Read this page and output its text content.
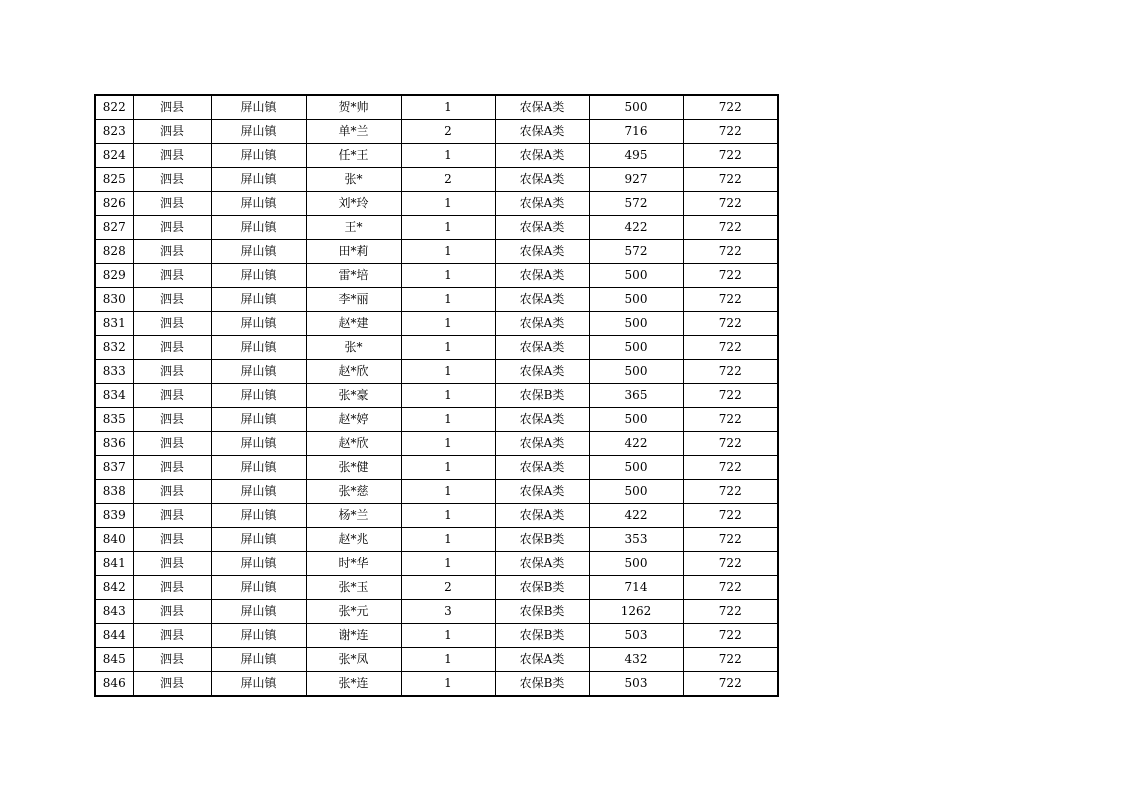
822	泗县	屏山镇	贺*帅	1	农保A类	500	722
823	泗县	屏山镇	单*兰	2	农保A类	716	722
824	泗县	屏山镇	任*王	1	农保A类	495	722
825	泗县	屏山镇	张*	2	农保A类	927	722
826	泗县	屏山镇	刘*玲	1	农保A类	572	722
827	泗县	屏山镇	王*	1	农保A类	422	722
828	泗县	屏山镇	田*莉	1	农保A类	572	722
829	泗县	屏山镇	雷*培	1	农保A类	500	722
830	泗县	屏山镇	李*丽	1	农保A类	500	722
831	泗县	屏山镇	赵*建	1	农保A类	500	722
832	泗县	屏山镇	张*	1	农保A类	500	722
833	泗县	屏山镇	赵*欣	1	农保A类	500	722
834	泗县	屏山镇	张*豪	1	农保B类	365	722
835	泗县	屏山镇	赵*婷	1	农保A类	500	722
836	泗县	屏山镇	赵*欣	1	农保A类	422	722
837	泗县	屏山镇	张*健	1	农保A类	500	722
838	泗县	屏山镇	张*慈	1	农保A类	500	722
839	泗县	屏山镇	杨*兰	1	农保A类	422	722
840	泗县	屏山镇	赵*兆	1	农保B类	353	722
841	泗县	屏山镇	时*华	1	农保A类	500	722
842	泗县	屏山镇	张*玉	2	农保B类	714	722
843	泗县	屏山镇	张*元	3	农保B类	1262	722
844	泗县	屏山镇	谢*连	1	农保B类	503	722
845	泗县	屏山镇	张*凤	1	农保A类	432	722
846	泗县	屏山镇	张*连	1	农保B类	503	722
